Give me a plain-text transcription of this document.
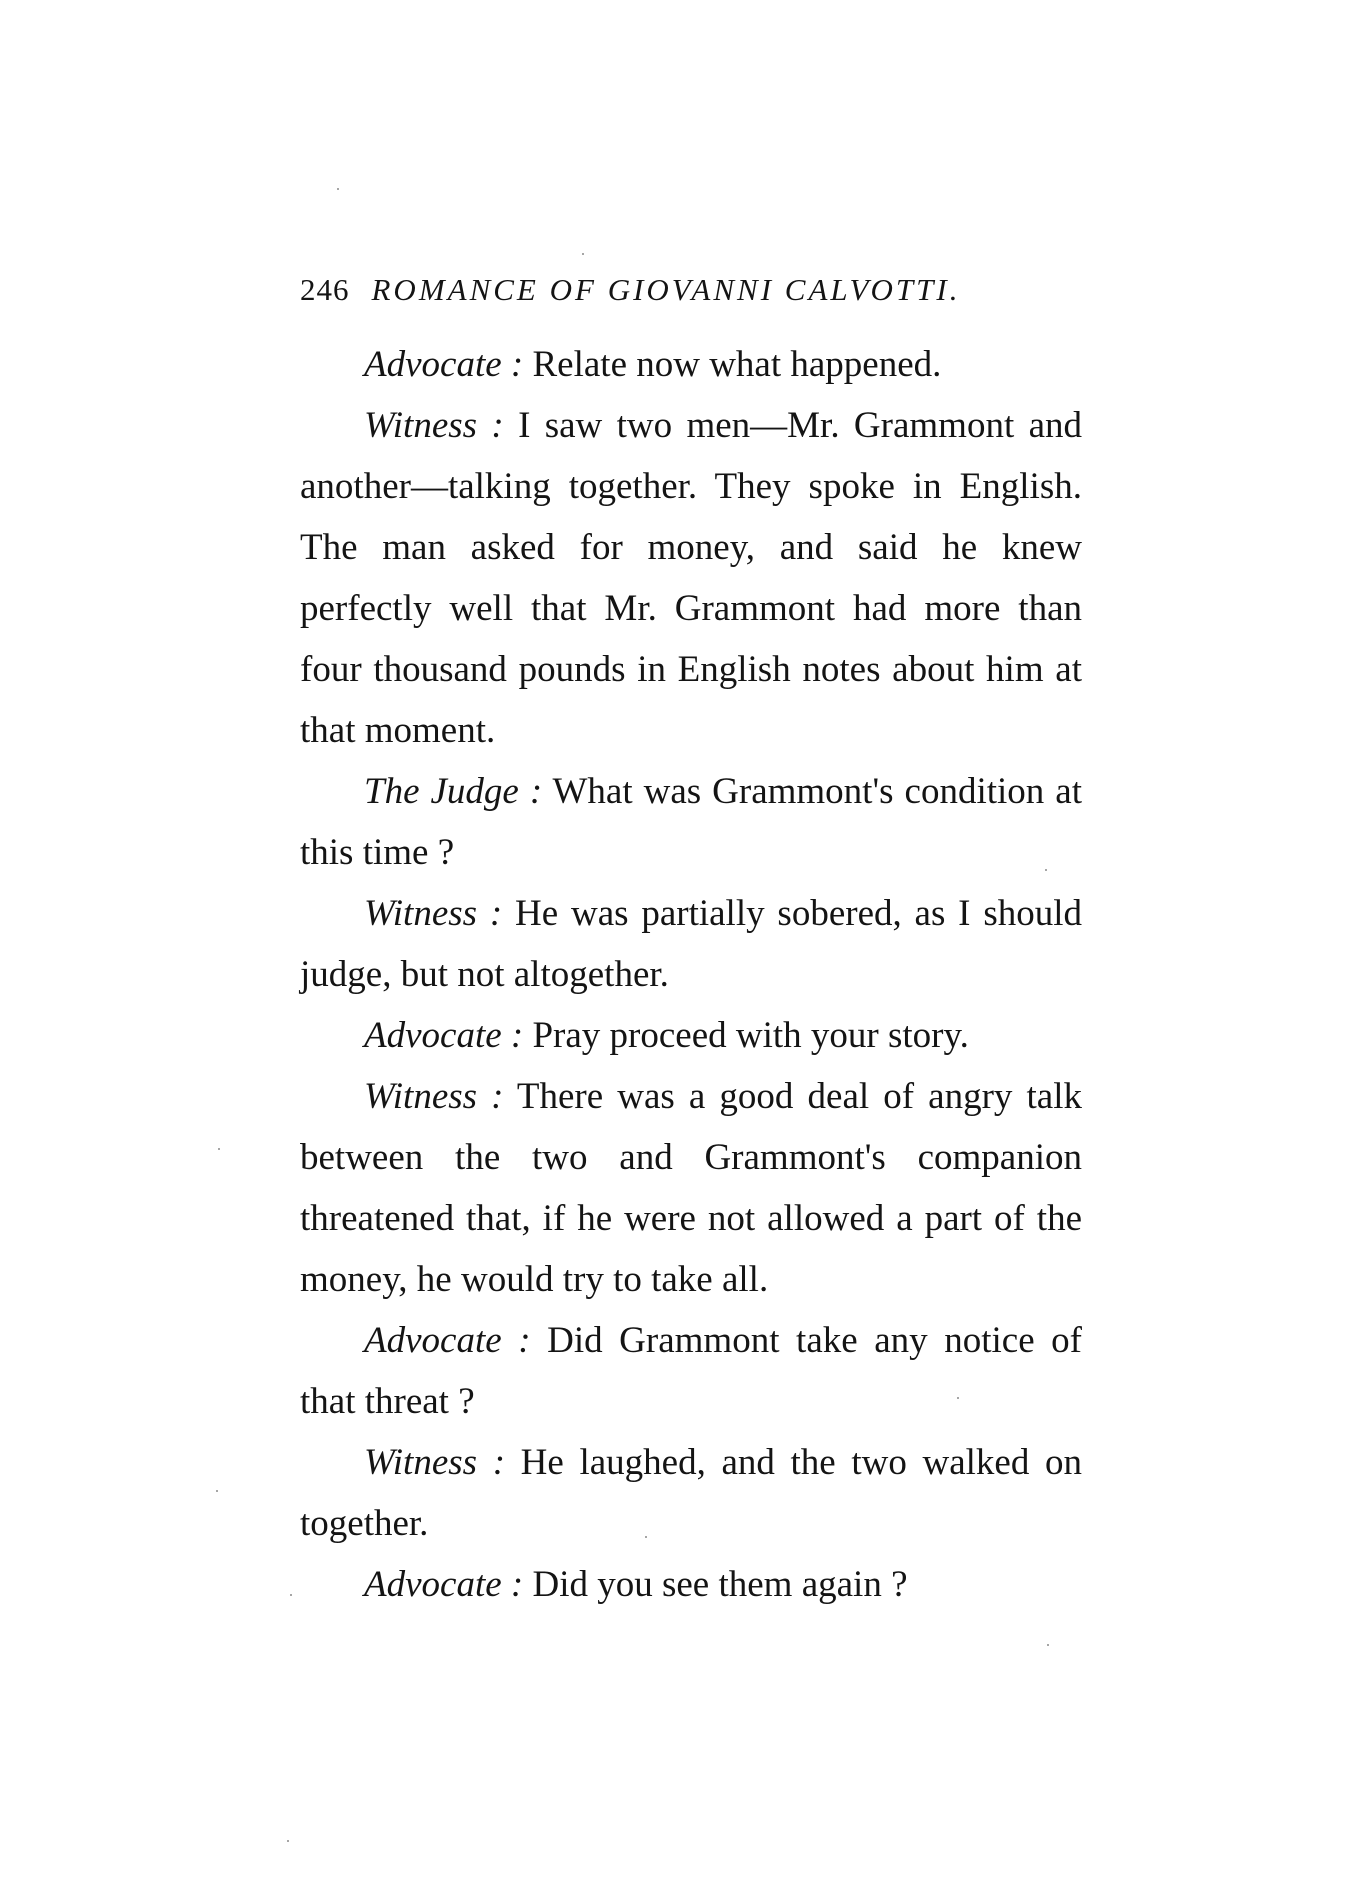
246 ROMANCE OF GIOVANNI CALVOTTI.

Advocate : Relate now what happened.

Witness : I saw two men—Mr. Grammont and another—talking together. They spoke in English. The man asked for money, and said he knew perfectly well that Mr. Grammont had more than four thousand pounds in English notes about him at that moment.

The Judge : What was Grammont's condition at this time ?

Witness : He was partially sobered, as I should judge, but not altogether.

Advocate : Pray proceed with your story.

Witness : There was a good deal of angry talk between the two and Grammont's companion threatened that, if he were not allowed a part of the money, he would try to take all.

Advocate : Did Grammont take any notice of that threat ?

Witness : He laughed, and the two walked on together.

Advocate : Did you see them again ?
